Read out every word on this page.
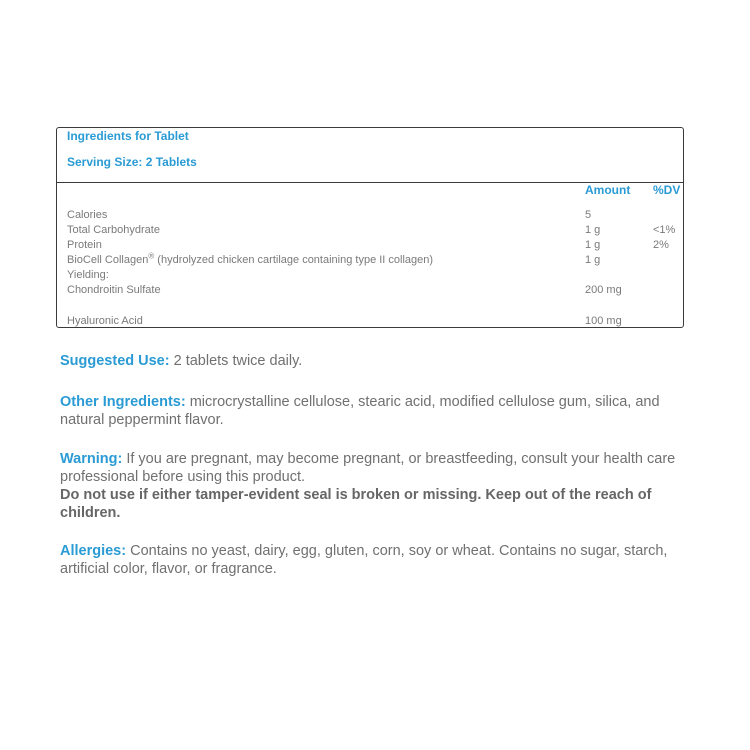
Ingredients for Tablet
Serving Size: 2 Tablets
Amount %DV
Calories	5
Total Carbohydrate	1 g	<1%
Protein	1 g	2%
BioCell Collagen® (hydrolyzed chicken cartilage containing type II collagen)	1 g
Yielding:
Chondroitin Sulfate	200 mg
Hyaluronic Acid	100 mg
Suggested Use: 2 tablets twice daily.
Other Ingredients: microcrystalline cellulose, stearic acid, modified cellulose gum, silica, and natural peppermint flavor.
Warning: If you are pregnant, may become pregnant, or breastfeeding, consult your health care professional before using this product.
Do not use if either tamper-evident seal is broken or missing. Keep out of the reach of children.
Allergies: Contains no yeast, dairy, egg, gluten, corn, soy or wheat. Contains no sugar, starch, artificial color, flavor, or fragrance.
